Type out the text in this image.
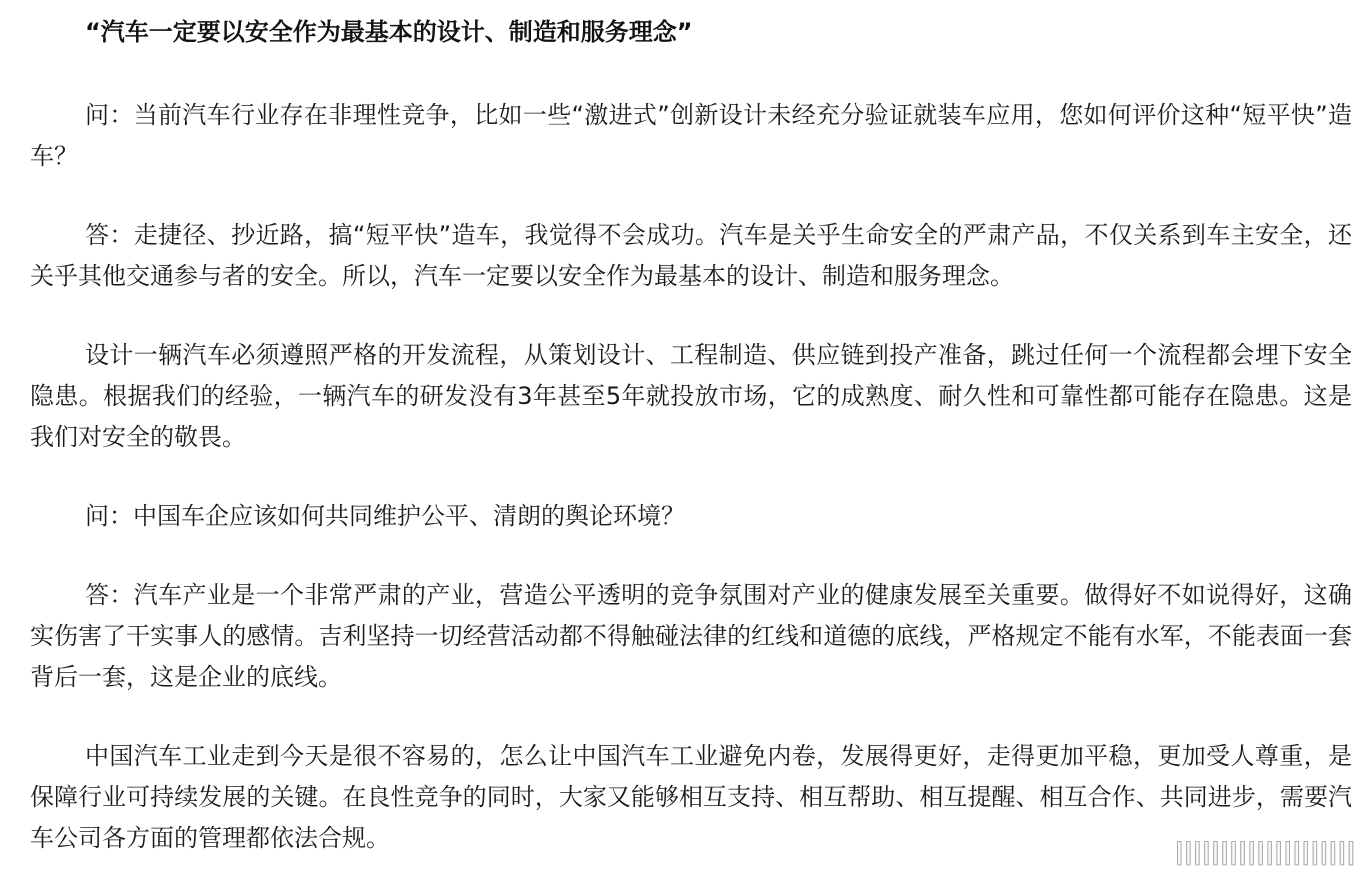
“汽车一定要以安全作为最基本的设计、制造和服务理念”

问：当前汽车行业存在非理性竞争，比如一些“激进式”创新设计未经充分验证就装车应用，您如何评价这种“短平快”造车？

答：走捷径、抄近路，搞“短平快”造车，我觉得不会成功。汽车是关乎生命安全的严肃产品，不仅关系到车主安全，还关乎其他交通参与者的安全。所以，汽车一定要以安全作为最基本的设计、制造和服务理念。

设计一辆汽车必须遵照严格的开发流程，从策划设计、工程制造、供应链到投产准备，跳过任何一个流程都会埋下安全隐患。根据我们的经验，一辆汽车的研发没有3年甚至5年就投放市场，它的成熟度、耐久性和可靠性都可能存在隐患。这是我们对安全的敬畏。

问：中国车企应该如何共同维护公平、清朗的舆论环境？

答：汽车产业是一个非常严肃的产业，营造公平透明的竞争氛围对产业的健康发展至关重要。做得好不如说得好，这确实伤害了干实事人的感情。吉利坚持一切经营活动都不得触碰法律的红线和道德的底线，严格规定不能有水军，不能表面一套背后一套，这是企业的底线。

中国汽车工业走到今天是很不容易的，怎么让中国汽车工业避免内卷，发展得更好，走得更加平稳，更加受人尊重，是保障行业可持续发展的关键。在良性竞争的同时，大家又能够相互支持、相互帮助、相互提醒、相互合作、共同进步，需要汽车公司各方面的管理都依法合规。

||||||||||||||||||||
